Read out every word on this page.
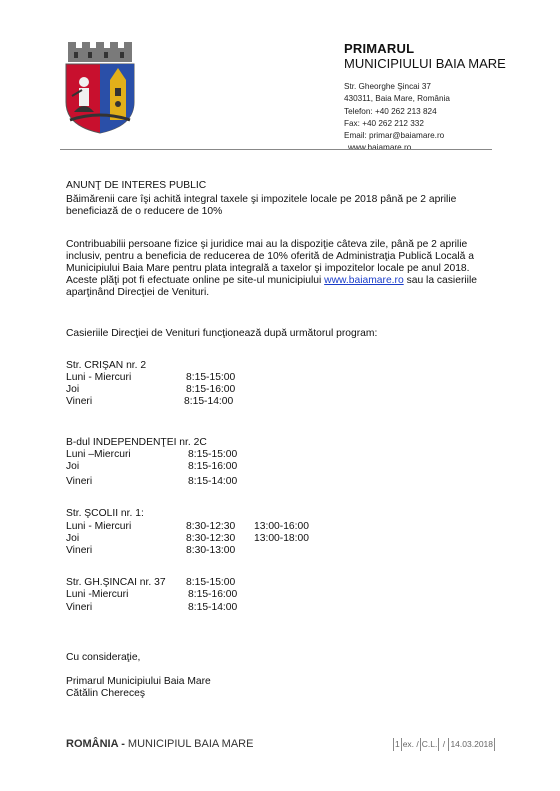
PRIMARUL
MUNICIPIULUI BAIA MARE
Str. Gheorghe Şincai 37
430311, Baia Mare, România
Telefon: +40 262 213 824
Fax: +40 262 212 332
Email: primar@baiamare.ro
www.baiamare.ro

ANUNŢ DE INTERES PUBLIC

Băimărenii care îşi achită integral taxele şi impozitele locale pe 2018 până pe 2 aprilie beneficiază de o reducere de 10%

Contribuabilii persoane fizice şi juridice mai au la dispoziţie câteva zile, până pe 2 aprilie inclusiv, pentru a beneficia de reducerea de 10% oferită de Administraţia Publică Locală a Municipiului Baia Mare pentru plata integrală a taxelor şi impozitelor locale pe anul 2018. Aceste plăţi pot fi efectuate online pe site-ul municipiului www.baiamare.ro sau la casieriile aparţinând Direcţiei de Venituri.

Casieriile Direcţiei de Venituri funcţionează după următorul program:

Str. CRIŞAN nr. 2
Luni - Miercuri	8:15-15:00
Joi	8:15-16:00
Vineri	8:15-14:00
B-dul INDEPENDENŢEI nr. 2C
Luni –Miercuri	8:15-15:00
Joi	8:15-16:00
Vineri	8:15-14:00
Str. ŞCOLII nr. 1:
Luni - Miercuri	8:30-12:30	13:00-16:00
Joi	8:30-12:30	13:00-18:00
Vineri	8:30-13:00
Str. GH.ŞINCAI nr. 37	8:15-15:00
Luni -Miercuri	8:15-16:00
Vineri	8:15-14:00
Cu consideraţie,
Primarul Municipiului Baia Mare
Cătălin Chereceş
ROMÂNIA - MUNICIPIUL BAIA MARE	1 ex. / C.L. / 14.03.2018
